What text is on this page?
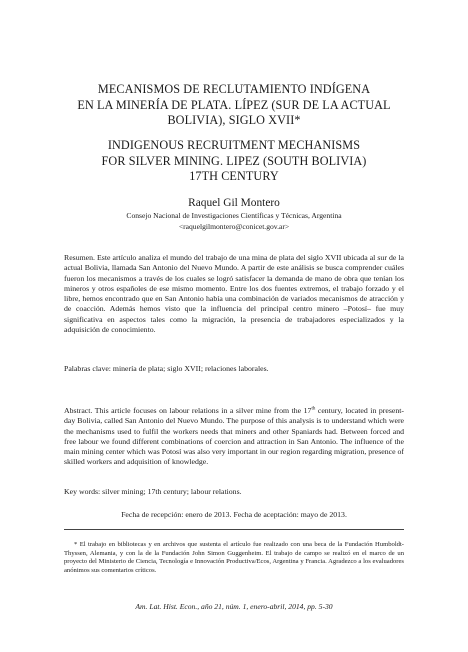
MECANISMOS DE RECLUTAMIENTO INDÍGENA

EN LA MINERÍA DE PLATA. LÍPEZ (SUR DE LA ACTUAL

BOLIVIA), SIGLO XVII*

INDIGENOUS RECRUITMENT MECHANISMS

FOR SILVER MINING. LIPEZ (SOUTH BOLIVIA)

17TH CENTURY

Raquel Gil Montero
Consejo Nacional de Investigaciones Científicas y Técnicas, Argentina
<raquelgilmontero@conicet.gov.ar>

Resumen. Este artículo analiza el mundo del trabajo de una mina de plata del siglo XVII ubicada al sur de la actual Bolivia, llamada San Antonio del Nuevo Mundo. A partir de este análisis se busca comprender cuáles fueron los mecanismos a través de los cuales se logró satisfacer la demanda de mano de obra que tenían los mineros y otros españoles de ese mismo momento. Entre los dos fuentes extremos, el trabajo forzado y el libre, hemos encontrado que en San Antonio había una combinación de variados mecanismos de atracción y de coacción. Además hemos visto que la influencia del principal centro minero –Potosí– fue muy significativa en aspectos tales como la migración, la presencia de trabajadores especializados y la adquisición de conocimiento.

Palabras clave: minería de plata; siglo XVII; relaciones laborales.

Abstract. This article focuses on labour relations in a silver mine from the 17th century, located in present-day Bolivia, called San Antonio del Nuevo Mundo. The purpose of this analysis is to understand which were the mechanisms used to fulfil the workers needs that miners and other Spaniards had. Between forced and free labour we found different combinations of coercion and attraction in San Antonio. The influence of the main mining center which was Potosí was also very important in our region regarding migration, presence of skilled workers and adquisition of knowledge.

Key words: silver mining; 17th century; labour relations.

Fecha de recepción: enero de 2013. Fecha de aceptación: mayo de 2013.

* El trabajo en bibliotecas y en archivos que sustenta el artículo fue realizado con una beca de la Fundación Humboldt-Thyssen, Alemania, y con la de la Fundación John Simon Guggenheim. El trabajo de campo se realizó en el marco de un proyecto del Ministerio de Ciencia, Tecnología e Innovación Productiva/Ecos, Argentina y Francia. Agradezco a los evaluadores anónimos sus comentarios críticos.

Am. Lat. Hist. Econ., año 21, núm. 1, enero-abril, 2014, pp. 5-30
